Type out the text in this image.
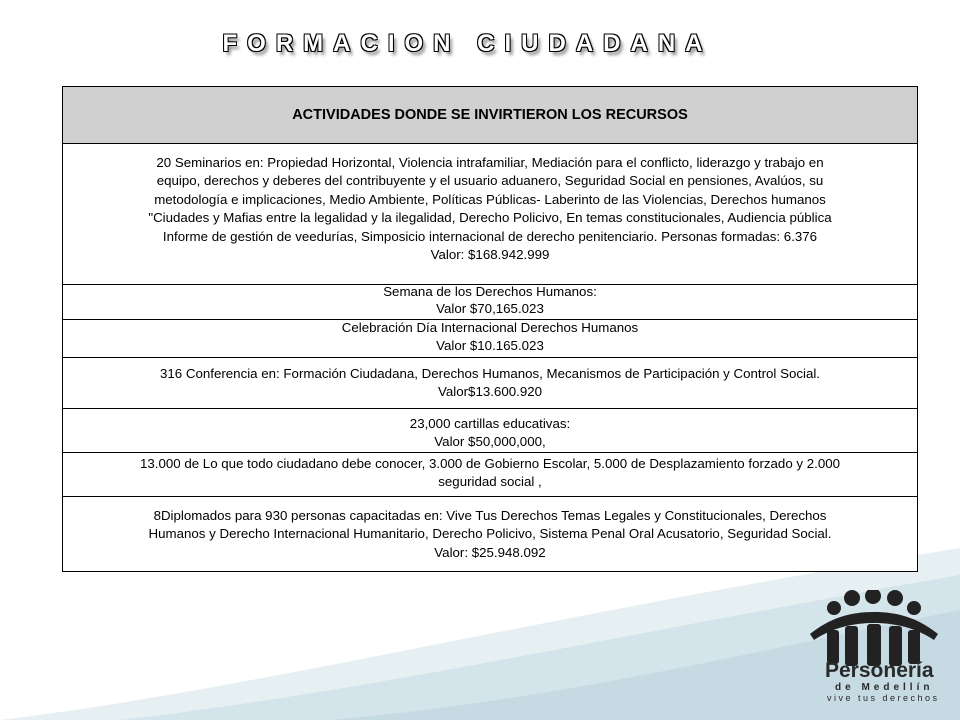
FORMACION CIUDADANA
ACTIVIDADES DONDE SE INVIRTIERON LOS RECURSOS
20 Seminarios en: Propiedad Horizontal, Violencia intrafamiliar, Mediación para el conflicto, liderazgo y trabajo en
equipo, derechos y deberes del contribuyente y el usuario aduanero, Seguridad Social en pensiones, Avalúos, su
metodología e implicaciones, Medio Ambiente, Políticas Públicas- Laberinto de las Violencias, Derechos humanos
"Ciudades y Mafias entre la legalidad y la ilegalidad, Derecho Policivo, En temas constitucionales, Audiencia pública
Informe de gestión de veedurías, Simposicio internacional de derecho penitenciario. Personas formadas: 6.376
Valor: $168.942.999
Semana de los Derechos Humanos:
Valor $70,165.023
Celebración Día Internacional Derechos Humanos
Valor $10.165.023
316 Conferencia en: Formación Ciudadana, Derechos Humanos, Mecanismos de Participación y Control Social.
Valor$13.600.920
23,000 cartillas educativas:
Valor $50,000,000,
13.000 de Lo que todo ciudadano debe conocer, 3.000 de Gobierno Escolar, 5.000 de Desplazamiento forzado y 2.000
seguridad social ,
8Diplomados para 930 personas capacitadas en: Vive Tus Derechos Temas Legales y Constitucionales, Derechos
Humanos y Derecho Internacional Humanitario, Derecho Policivo, Sistema Penal Oral Acusatorio, Seguridad Social.
Valor: $25.948.092
Personería
de Medellín
vive tus derechos
